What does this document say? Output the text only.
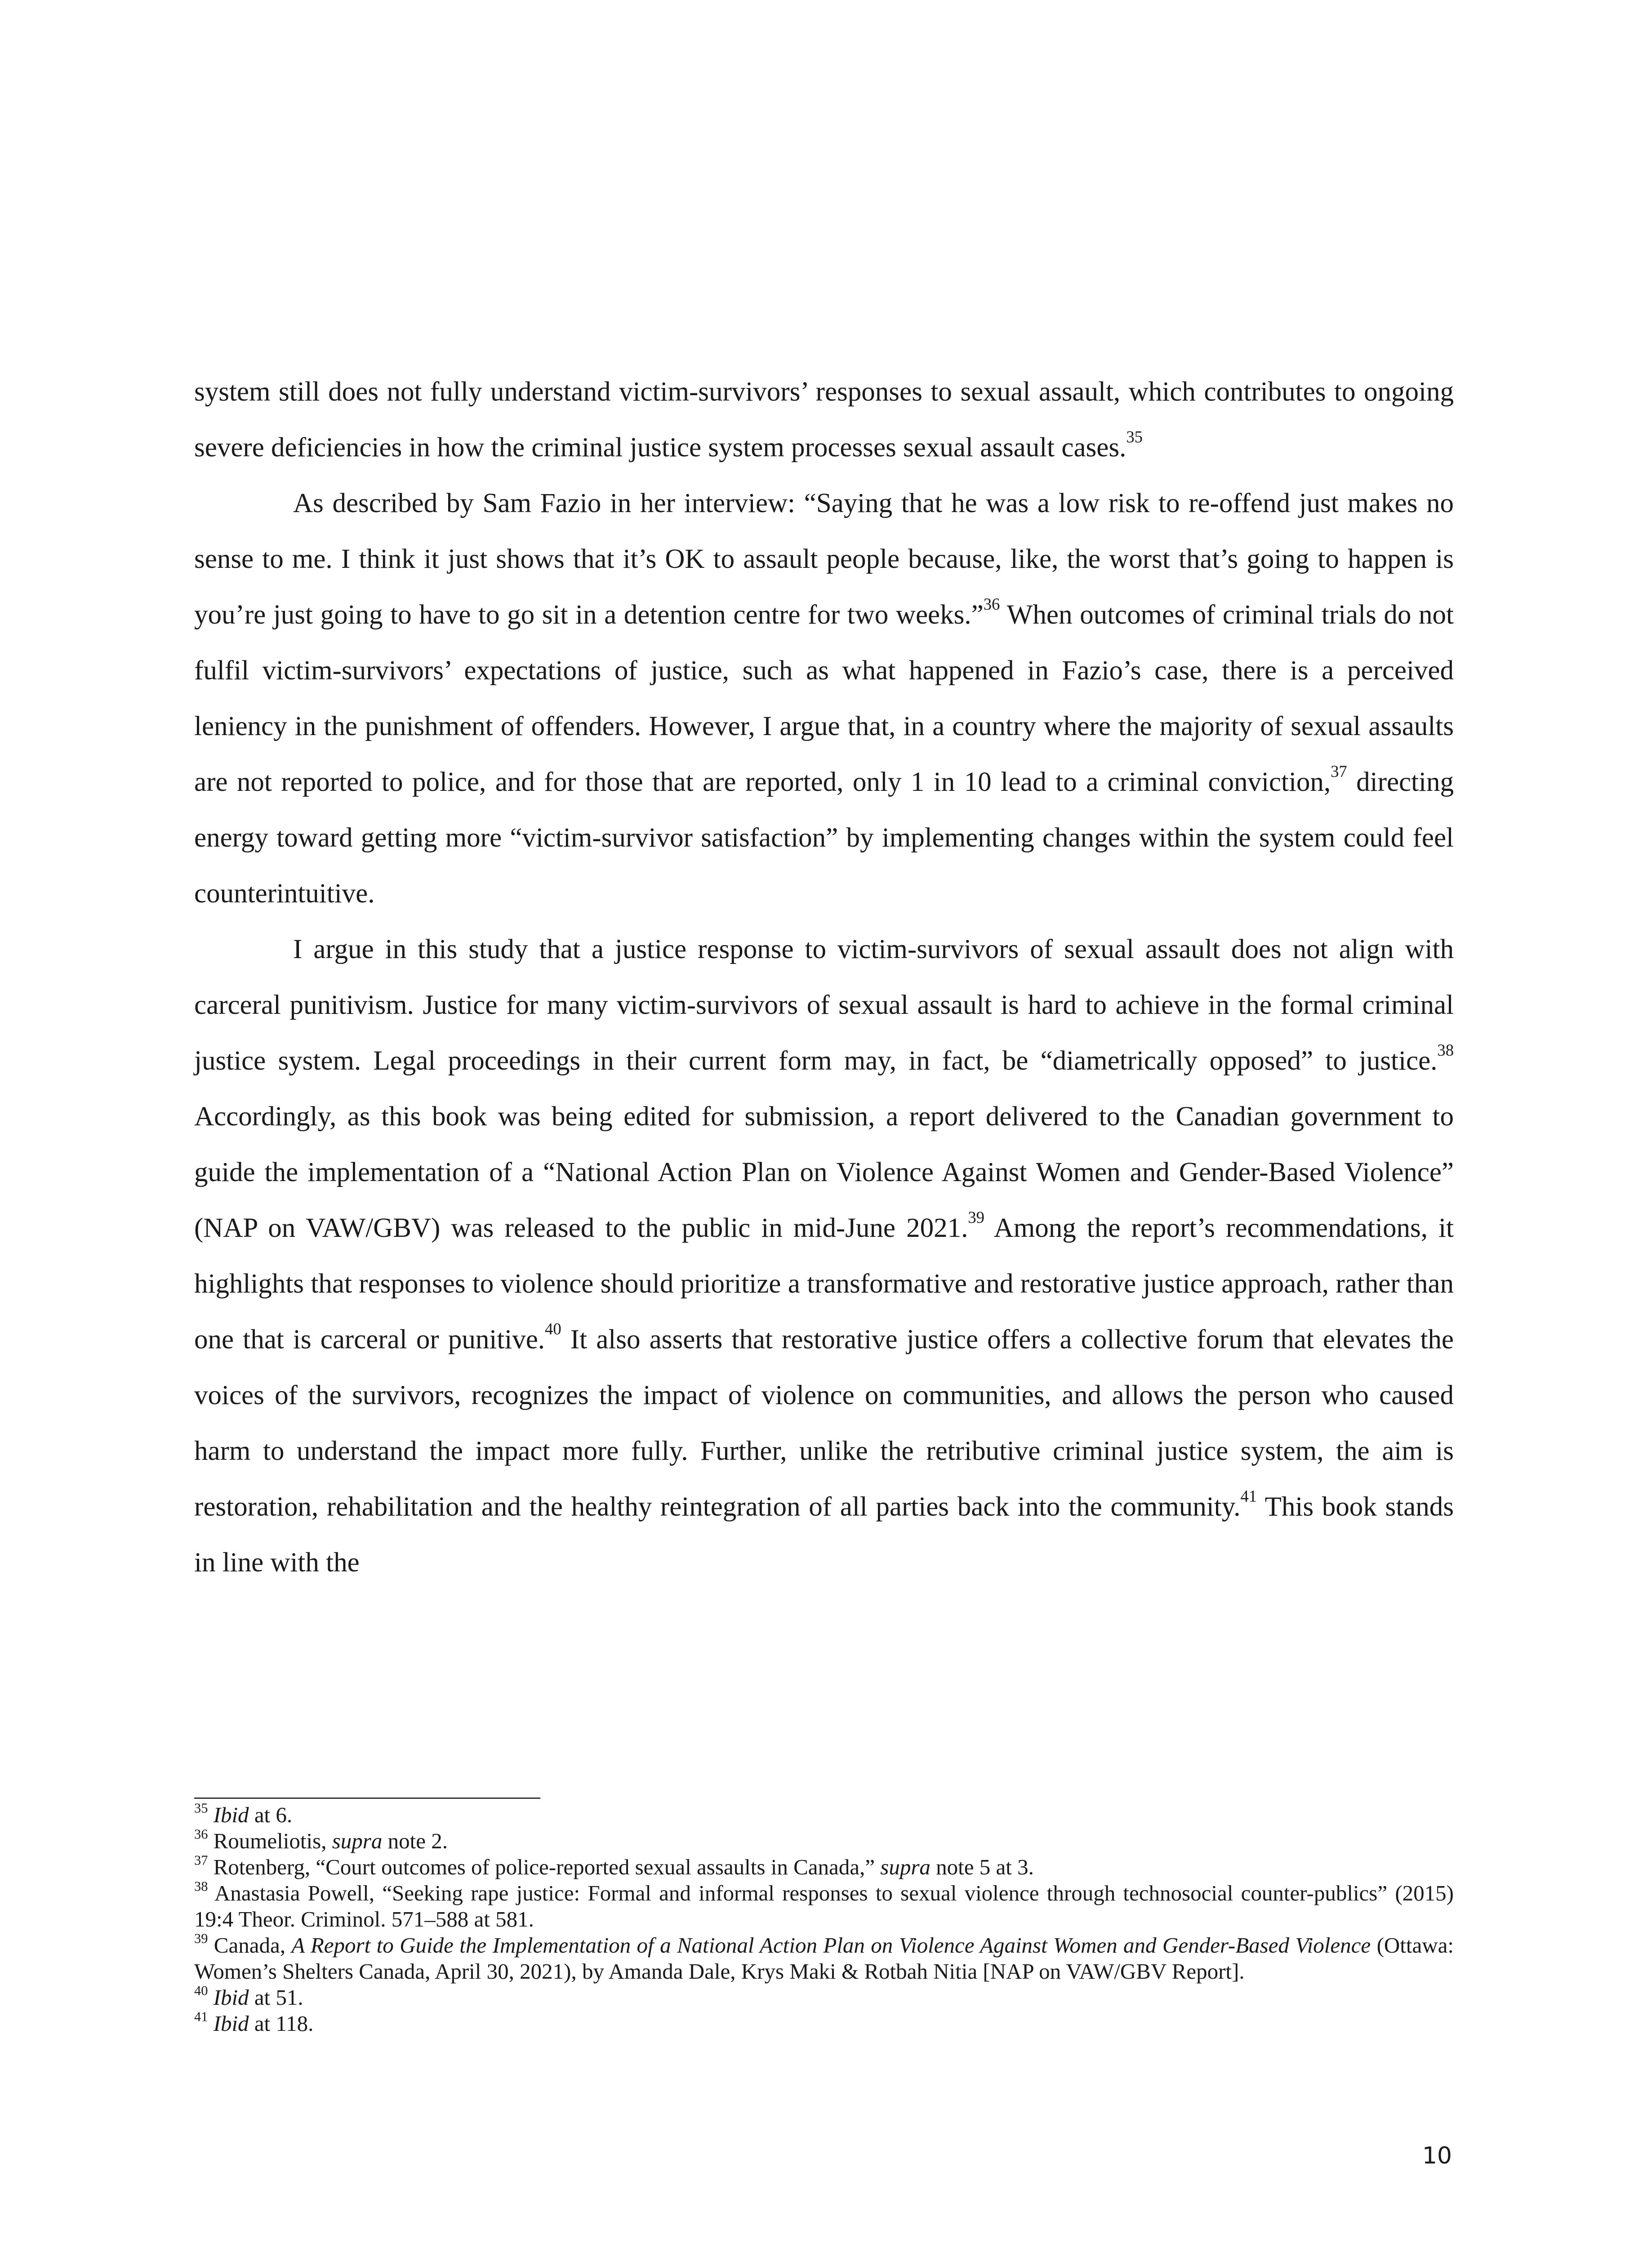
system still does not fully understand victim-survivors’ responses to sexual assault, which contributes to ongoing severe deficiencies in how the criminal justice system processes sexual assault cases.$^{35}$

As described by Sam Fazio in her interview: “Saying that he was a low risk to re-offend just makes no sense to me. I think it just shows that it’s OK to assault people because, like, the worst that’s going to happen is you’re just going to have to go sit in a detention centre for two weeks.”$^{36}$ When outcomes of criminal trials do not fulfil victim-survivors’ expectations of justice, such as what happened in Fazio’s case, there is a perceived leniency in the punishment of offenders. However, I argue that, in a country where the majority of sexual assaults are not reported to police, and for those that are reported, only 1 in 10 lead to a criminal conviction,$^{37}$ directing energy toward getting more “victim-survivor satisfaction” by implementing changes within the system could feel counterintuitive.

I argue in this study that a justice response to victim-survivors of sexual assault does not align with carceral punitivism. Justice for many victim-survivors of sexual assault is hard to achieve in the formal criminal justice system. Legal proceedings in their current form may, in fact, be “diametrically opposed” to justice.$^{38}$ Accordingly, as this book was being edited for submission, a report delivered to the Canadian government to guide the implementation of a “National Action Plan on Violence Against Women and Gender-Based Violence” (NAP on VAW/GBV) was released to the public in mid-June 2021.39 Among the report’s recommendations, it highlights that responses to violence should prioritize a transformative and restorative justice approach, rather than one that is carceral or punitive.$^{40}$ It also asserts that restorative justice offers a collective forum that elevates the voices of the survivors, recognizes the impact of violence on communities, and allows the person who caused harm to understand the impact more fully. Further, unlike the retributive criminal justice system, the aim is restoration, rehabilitation and the healthy reintegration of all parties back into the community.$^{41}$ This book stands in line with the

$^{35}$ Ibid at 6.

$^{36}$ Roumeliotis, supra note 2.

$^{37}$ Rotenberg, “Court outcomes of police-reported sexual assaults in Canada,” supra note 5 at 3.

$^{38}$ Anastasia Powell, “Seeking rape justice: Formal and informal responses to sexual violence through technosocial counter-publics” (2015) 19:4 Theor. Criminol. 571–588 at 581.

$^{39}$ Canada, A Report to Guide the Implementation of a National Action Plan on Violence Against Women and Gender-Based Violence (Ottawa: Women’s Shelters Canada, April 30, 2021), by Amanda Dale, Krys Maki & Rotbah Nitia [NAP on VAW/GBV Report].

$^{40}$ Ibid at 51.

$^{41}$ Ibid at 118.

10
